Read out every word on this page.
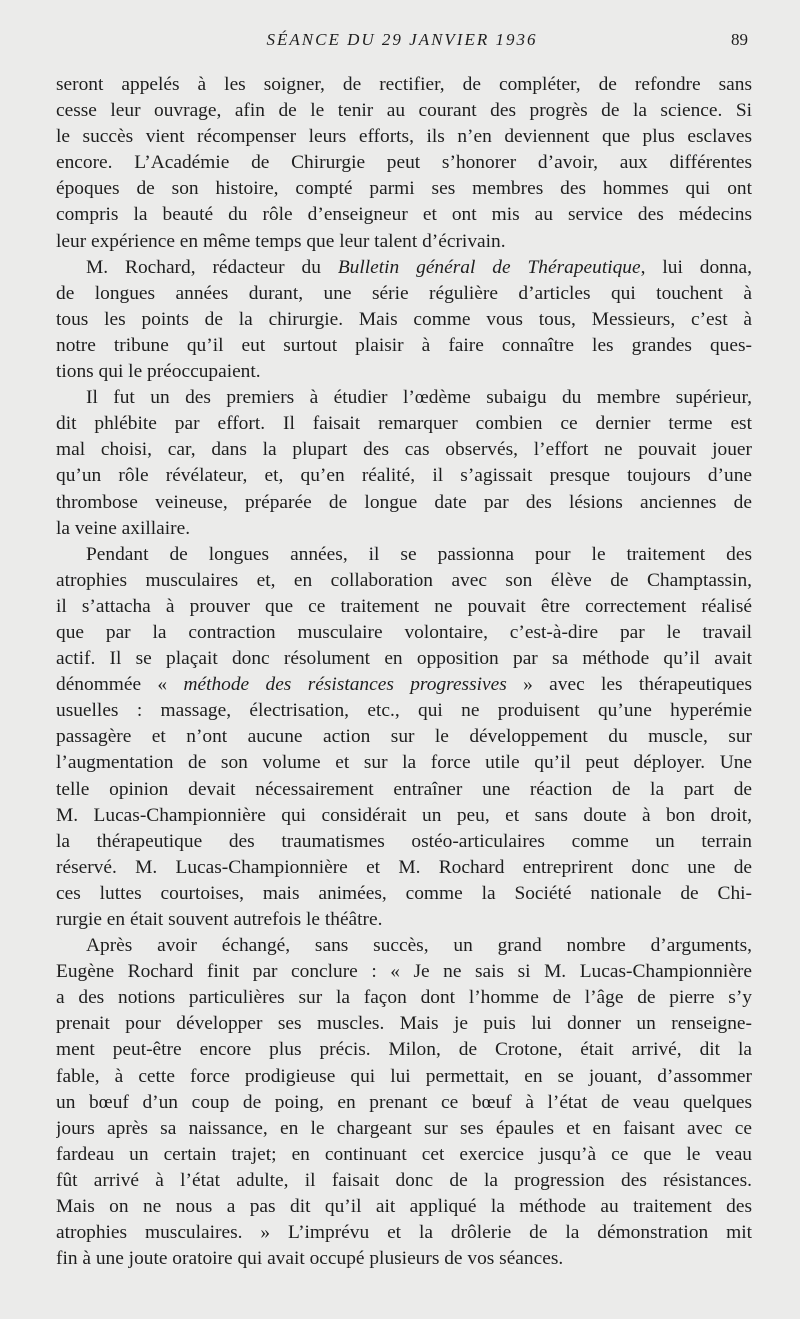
SÉANCE DU 29 JANVIER 1936	89
seront appelés à les soigner, de rectifier, de compléter, de refondre sans
cesse leur ouvrage, afin de le tenir au courant des progrès de la science. Si
le succès vient récompenser leurs efforts, ils n’en deviennent que plus esclaves
encore. L’Académie de Chirurgie peut s’honorer d’avoir, aux différentes
époques de son histoire, compté parmi ses membres des hommes qui ont
compris la beauté du rôle d’enseigneur et ont mis au service des médecins
leur expérience en même temps que leur talent d’écrivain.
M. Rochard, rédacteur du Bulletin général de Thérapeutique, lui donna,
de longues années durant, une série régulière d’articles qui touchent à
tous les points de la chirurgie. Mais comme vous tous, Messieurs, c’est à
notre tribune qu’il eut surtout plaisir à faire connaître les grandes ques-
tions qui le préoccupaient.
Il fut un des premiers à étudier l’œdème subaigu du membre supérieur,
dit phlébite par effort. Il faisait remarquer combien ce dernier terme est
mal choisi, car, dans la plupart des cas observés, l’effort ne pouvait jouer
qu’un rôle révélateur, et, qu’en réalité, il s’agissait presque toujours d’une
thrombose veineuse, préparée de longue date par des lésions anciennes de
la veine axillaire.
Pendant de longues années, il se passionna pour le traitement des
atrophies musculaires et, en collaboration avec son élève de Champtassin,
il s’attacha à prouver que ce traitement ne pouvait être correctement réalisé
que par la contraction musculaire volontaire, c’est-à-dire par le travail
actif. Il se plaçait donc résolument en opposition par sa méthode qu’il avait
dénommée « méthode des résistances progressives » avec les thérapeutiques
usuelles : massage, électrisation, etc., qui ne produisent qu’une hyperémie
passagère et n’ont aucune action sur le développement du muscle, sur
l’augmentation de son volume et sur la force utile qu’il peut déployer. Une
telle opinion devait nécessairement entraîner une réaction de la part de
M. Lucas-Championnière qui considérait un peu, et sans doute à bon droit,
la thérapeutique des traumatismes ostéo-articulaires comme un terrain
réservé. M. Lucas-Championnière et M. Rochard entreprirent donc une de
ces luttes courtoises, mais animées, comme la Société nationale de Chi-
rurgie en était souvent autrefois le théâtre.
Après avoir échangé, sans succès, un grand nombre d’arguments,
Eugène Rochard finit par conclure : « Je ne sais si M. Lucas-Championnière
a des notions particulières sur la façon dont l’homme de l’âge de pierre s’y
prenait pour développer ses muscles. Mais je puis lui donner un renseigne-
ment peut-être encore plus précis. Milon, de Crotone, était arrivé, dit la
fable, à cette force prodigieuse qui lui permettait, en se jouant, d’assommer
un bœuf d’un coup de poing, en prenant ce bœuf à l’état de veau quelques
jours après sa naissance, en le chargeant sur ses épaules et en faisant avec ce
fardeau un certain trajet; en continuant cet exercice jusqu’à ce que le veau
fût arrivé à l’état adulte, il faisait donc de la progression des résistances.
Mais on ne nous a pas dit qu’il ait appliqué la méthode au traitement des
atrophies musculaires. » L’imprévu et la drôlerie de la démonstration mit
fin à une joute oratoire qui avait occupé plusieurs de vos séances.
